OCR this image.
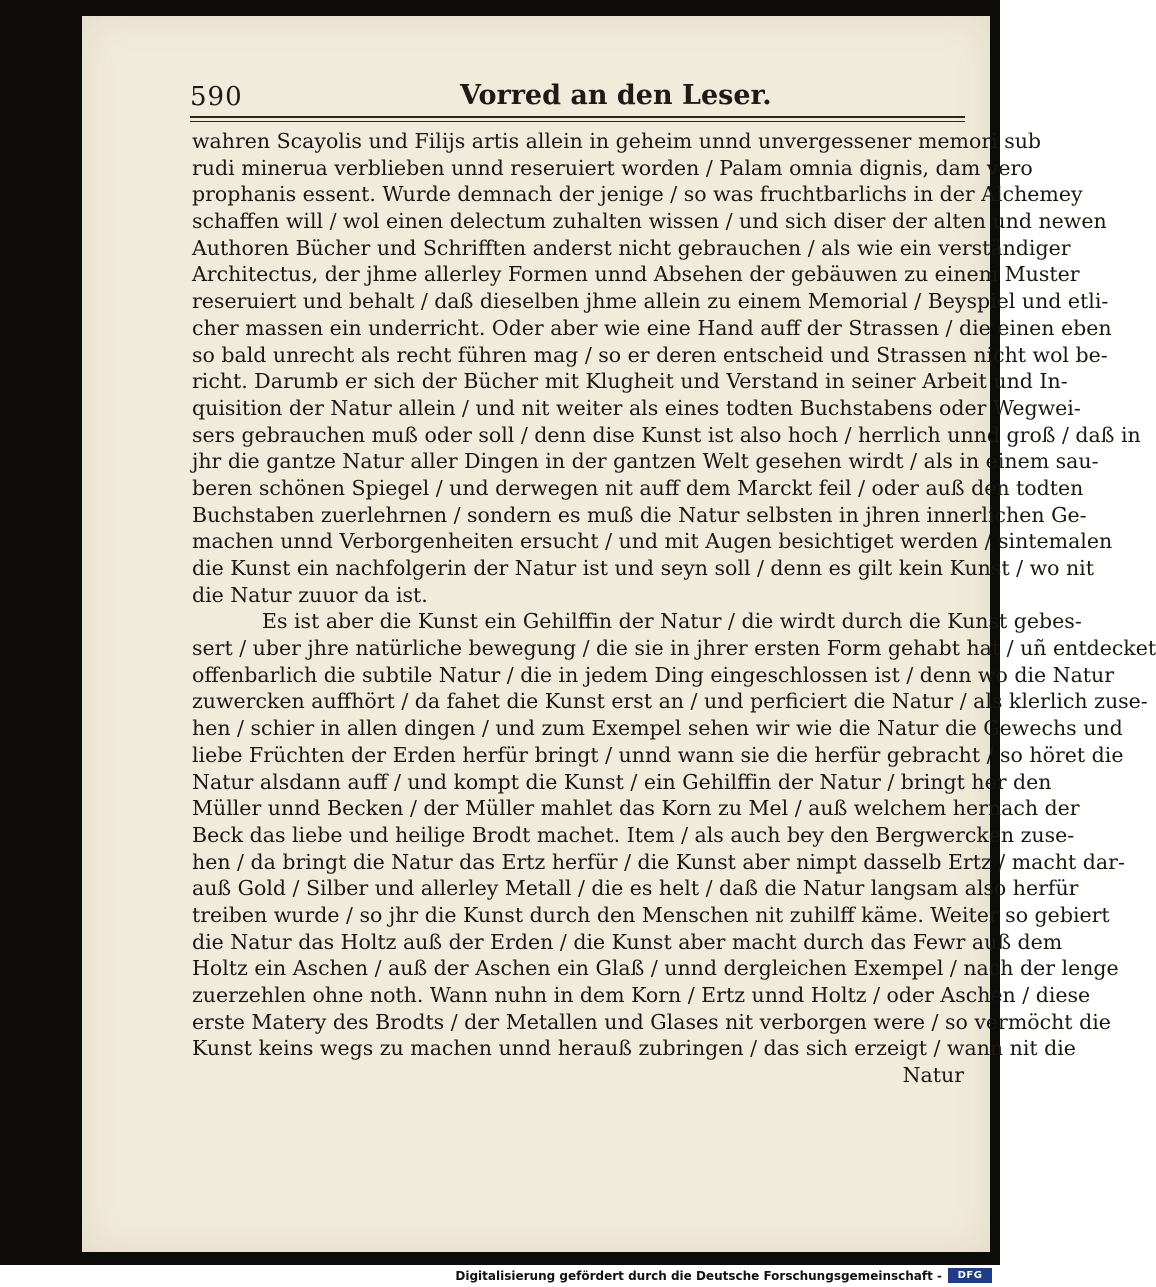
590	Vorred an den Leser.
wahren Scayolis und Filijs artis allein in geheim unnd unvergessener memori sub
rudi minerua verblieben unnd reseruiert worden / Palam omnia dignis, dam vero
prophanis essent. Wurde demnach der jenige / so was fruchtbarlichs in der Alchemey
schaffen will / wol einen delectum zuhalten wissen / und sich diser der alten und newen
Authoren Bücher und Schrifften anderst nicht gebrauchen / als wie ein verständiger
Architectus, der jhme allerley Formen unnd Absehen der gebäuwen zu einem Muster
reseruiert und behalt / daß dieselben jhme allein zu einem Memorial / Beyspiel und etli-
cher massen ein underricht. Oder aber wie eine Hand auff der Strassen / die einen eben
so bald unrecht als recht führen mag / so er deren entscheid und Strassen nicht wol be-
richt. Darumb er sich der Bücher mit Klugheit und Verstand in seiner Arbeit und In-
quisition der Natur allein / und nit weiter als eines todten Buchstabens oder Wegwei-
sers gebrauchen muß oder soll / denn dise Kunst ist also hoch / herrlich unnd groß / daß in
jhr die gantze Natur aller Dingen in der gantzen Welt gesehen wirdt / als in einem sau-
beren schönen Spiegel / und derwegen nit auff dem Marckt feil / oder auß den todten
Buchstaben zuerlehrnen / sondern es muß die Natur selbsten in jhren innerlichen Ge-
machen unnd Verborgenheiten ersucht / und mit Augen besichtiget werden / sintemalen
die Kunst ein nachfolgerin der Natur ist und seyn soll / denn es gilt kein Kunst / wo nit
die Natur zuuor da ist.
Es ist aber die Kunst ein Gehilffin der Natur / die wirdt durch die Kunst gebes-
sert / uber jhre natürliche bewegung / die sie in jhrer ersten Form gehabt hat / uñ entdecket
offenbarlich die subtile Natur / die in jedem Ding eingeschlossen ist / denn wo die Natur
zuwercken auffhört / da fahet die Kunst erst an / und perficiert die Natur / als klerlich zuse-
hen / schier in allen dingen / und zum Exempel sehen wir wie die Natur die Gewechs und
liebe Früchten der Erden herfür bringt / unnd wann sie die herfür gebracht / so höret die
Natur alsdann auff / und kompt die Kunst / ein Gehilffin der Natur / bringt her den
Müller unnd Becken / der Müller mahlet das Korn zu Mel / auß welchem hernach der
Beck das liebe und heilige Brodt machet. Item / als auch bey den Bergwercken zuse-
hen / da bringt die Natur das Ertz herfür / die Kunst aber nimpt dasselb Ertz / macht dar-
auß Gold / Silber und allerley Metall / die es helt / daß die Natur langsam also herfür
treiben wurde / so jhr die Kunst durch den Menschen nit zuhilff käme. Weiter so gebiert
die Natur das Holtz auß der Erden / die Kunst aber macht durch das Fewr auß dem
Holtz ein Aschen / auß der Aschen ein Glaß / unnd dergleichen Exempel / nach der lenge
zuerzehlen ohne noth. Wann nuhn in dem Korn / Ertz unnd Holtz / oder Aschen / diese
erste Matery des Brodts / der Metallen und Glases nit verborgen were / so vermöcht die
Kunst keins wegs zu machen unnd herauß zubringen / das sich erzeigt / wann nit die
Natur
Digitalisierung gefördert durch die Deutsche Forschungsgemeinschaft -	DFG
